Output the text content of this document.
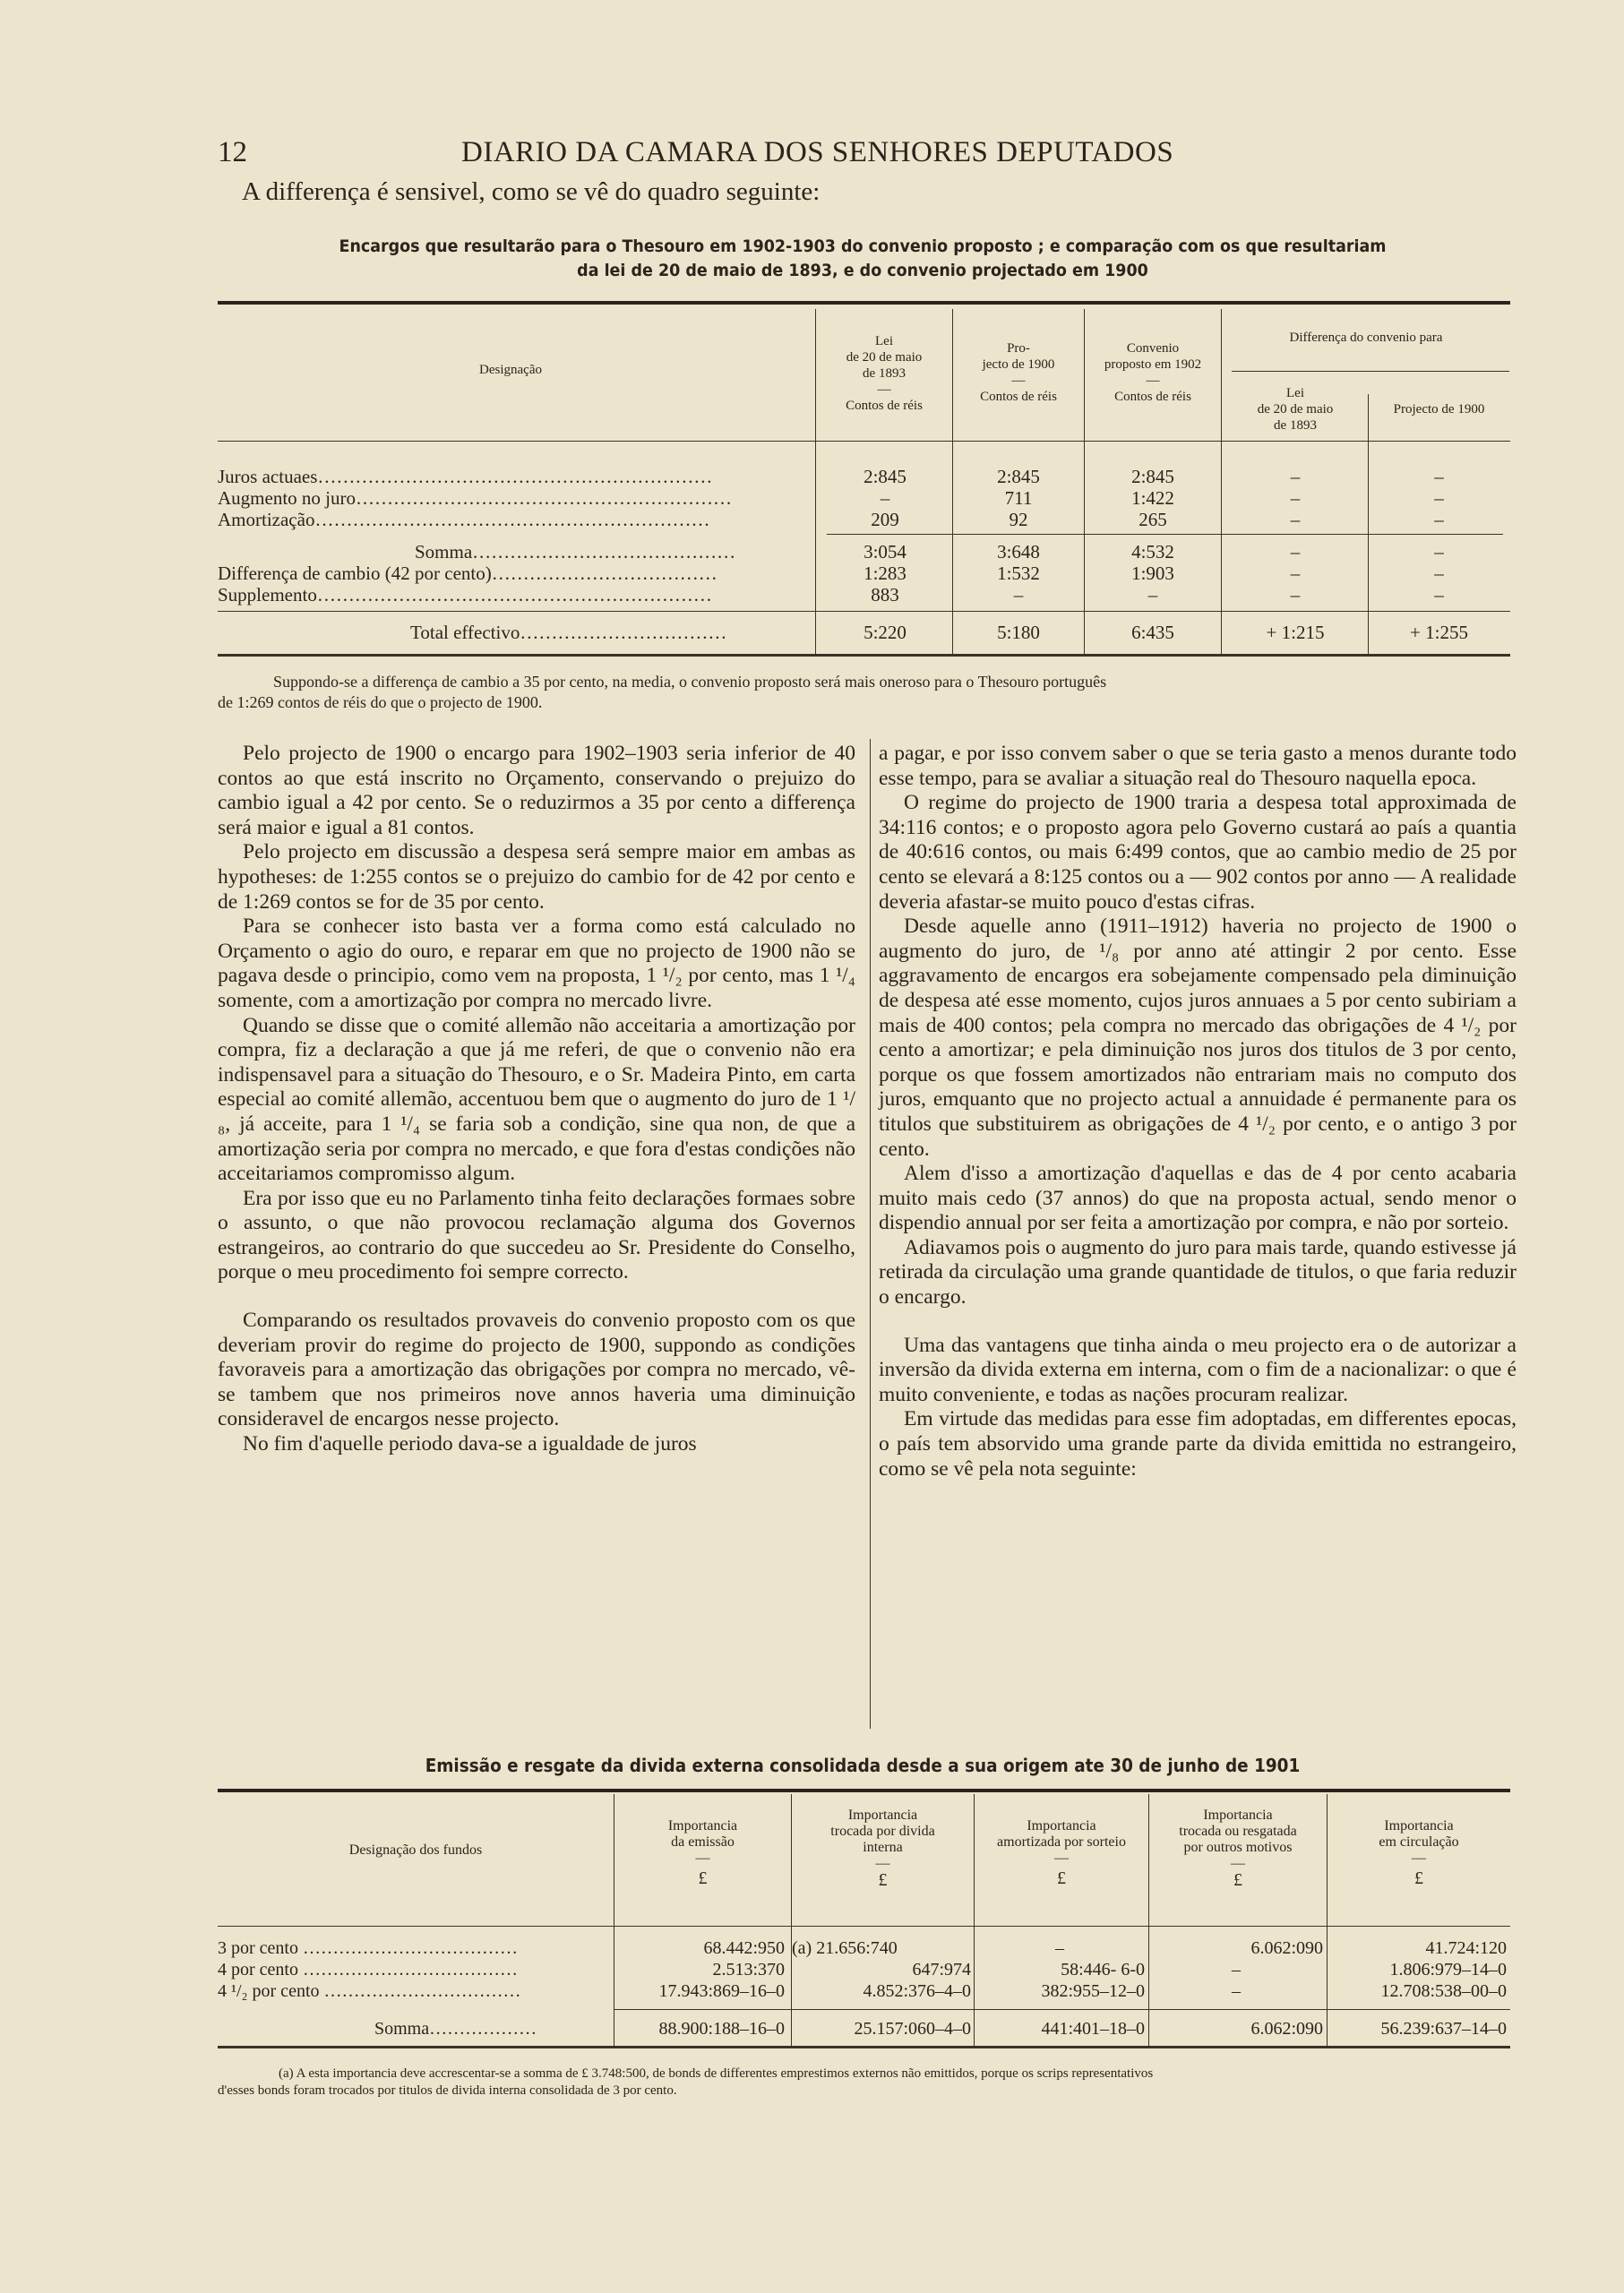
12	DIARIO DA CAMARA DOS SENHORES DEPUTADOS
A differença é sensivel, como se vê do quadro seguinte:
Encargos que resultarão para o Thesouro em 1902-1903 do convenio proposto ; e comparação com os que resultariam
da lei de 20 de maio de 1893, e do convenio projectado em 1900
Designação
Lei
de 20 de maio
de 1893
—
Contos de réis
Pro-
jecto de 1900
—
Contos de réis
Convenio
proposto em 1902
—
Contos de réis
Differença do convenio para
Lei
de 20 de maio
de 1893
Projecto de 1900
Juros actuaes………………………………………………………	2:845	2:845	2:845	–	–
Augmento no juro……………………………………………………	–	711	1:422	–	–
Amortização………………………………………………………	209	92	265	–	–
Somma……………………………………	3:054	3:648	4:532	–	–
Differença de cambio (42 por cento)………………………………	1:283	1:532	1:903	–	–
Supplemento………………………………………………………	883	–	–	–	–
Total effectivo……………………………	5:220	5:180	6:435	+ 1:215	+ 1:255
Suppondo-se a differença de cambio a 35 por cento, na media, o convenio proposto será mais oneroso para o Thesouro português
de 1:269 contos de réis do que o projecto de 1900.

Pelo projecto de 1900 o encargo para 1902–1903 seria inferior de 40 contos ao que está inscrito no Orçamento, conservando o prejuizo do cambio igual a 42 por cento. Se o reduzirmos a 35 por cento a differença será maior e igual a 81 contos.

Pelo projecto em discussão a despesa será sempre maior em ambas as hypotheses: de 1:255 contos se o prejuizo do cambio for de 42 por cento e de 1:269 contos se for de 35 por cento.

Para se conhecer isto basta ver a forma como está calculado no Orçamento o agio do ouro, e reparar em que no projecto de 1900 não se pagava desde o principio, como vem na proposta, 1 ¹/₂ por cento, mas 1 ¹/₄ somente, com a amortização por compra no mercado livre.

Quando se disse que o comité allemão não acceitaria a amortização por compra, fiz a declaração a que já me referi, de que o convenio não era indispensavel para a situação do Thesouro, e o Sr. Madeira Pinto, em carta especial ao comité allemão, accentuou bem que o augmento do juro de 1 ¹/₈, já acceite, para 1 ¹/₄ se faria sob a condição, sine qua non, de que a amortização seria por compra no mercado, e que fora d'estas condições não acceitariamos compromisso algum.

Era por isso que eu no Parlamento tinha feito declarações formaes sobre o assunto, o que não provocou reclamação alguma dos Governos estrangeiros, ao contrario do que succedeu ao Sr. Presidente do Conselho, porque o meu procedimento foi sempre correcto.

Comparando os resultados provaveis do convenio proposto com os que deveriam provir do regime do projecto de 1900, suppondo as condições favoraveis para a amortização das obrigações por compra no mercado, vê-se tambem que nos primeiros nove annos haveria uma diminuição consideravel de encargos nesse projecto.

No fim d'aquelle periodo dava-se a igualdade de juros

a pagar, e por isso convem saber o que se teria gasto a menos durante todo esse tempo, para se avaliar a situação real do Thesouro naquella epoca.

O regime do projecto de 1900 traria a despesa total approximada de 34:116 contos; e o proposto agora pelo Governo custará ao país a quantia de 40:616 contos, ou mais 6:499 contos, que ao cambio medio de 25 por cento se elevará a 8:125 contos ou a — 902 contos por anno — A realidade deveria afastar-se muito pouco d'estas cifras.

Desde aquelle anno (1911–1912) haveria no projecto de 1900 o augmento do juro, de ¹/₈ por anno até attingir 2 por cento. Esse aggravamento de encargos era sobejamente compensado pela diminuição de despesa até esse momento, cujos juros annuaes a 5 por cento subiriam a mais de 400 contos; pela compra no mercado das obrigações de 4 ¹/₂ por cento a amortizar; e pela diminuição nos juros dos titulos de 3 por cento, porque os que fossem amortizados não entrariam mais no computo dos juros, emquanto que no projecto actual a annuidade é permanente para os titulos que substituirem as obrigações de 4 ¹/₂ por cento, e o antigo 3 por cento.

Alem d'isso a amortização d'aquellas e das de 4 por cento acabaria muito mais cedo (37 annos) do que na proposta actual, sendo menor o dispendio annual por ser feita a amortização por compra, e não por sorteio.

Adiavamos pois o augmento do juro para mais tarde, quando estivesse já retirada da circulação uma grande quantidade de titulos, o que faria reduzir o encargo.

Uma das vantagens que tinha ainda o meu projecto era o de autorizar a inversão da divida externa em interna, com o fim de a nacionalizar: o que é muito conveniente, e todas as nações procuram realizar.

Em virtude das medidas para esse fim adoptadas, em differentes epocas, o país tem absorvido uma grande parte da divida emittida no estrangeiro, como se vê pela nota seguinte:

Emissão e resgate da divida externa consolidada desde a sua origem ate 30 de junho de 1901
Designação dos fundos
Importancia
da emissão
—
£
Importancia
trocada por divida
interna
—
£
Importancia
amortizada por sorteio
—
£
Importancia
trocada ou resgatada
por outros motivos
—
£
Importancia
em circulação
—
£
3 por cento ………………………………	68.442:950 (a) 21.656:740	–	6.062:090	41.724:120
4 por cento ………………………………	2.513:370	647:974	58:446- 6-0	–	1.806:979–14–0
4 ¹/₂ por cento ……………………………	17.943:869–16–0	4.852:376–4–0	382:955–12–0	–	12.708:538–00–0
Somma………………	88.900:188–16–0	25.157:060–4–0	441:401–18–0	6.062:090	56.239:637–14–0
(a) A esta importancia deve accrescentar-se a somma de £ 3.748:500, de bonds de differentes emprestimos externos não emittidos, porque os scrips representativos
d'esses bonds foram trocados por titulos de divida interna consolidada de 3 por cento.
